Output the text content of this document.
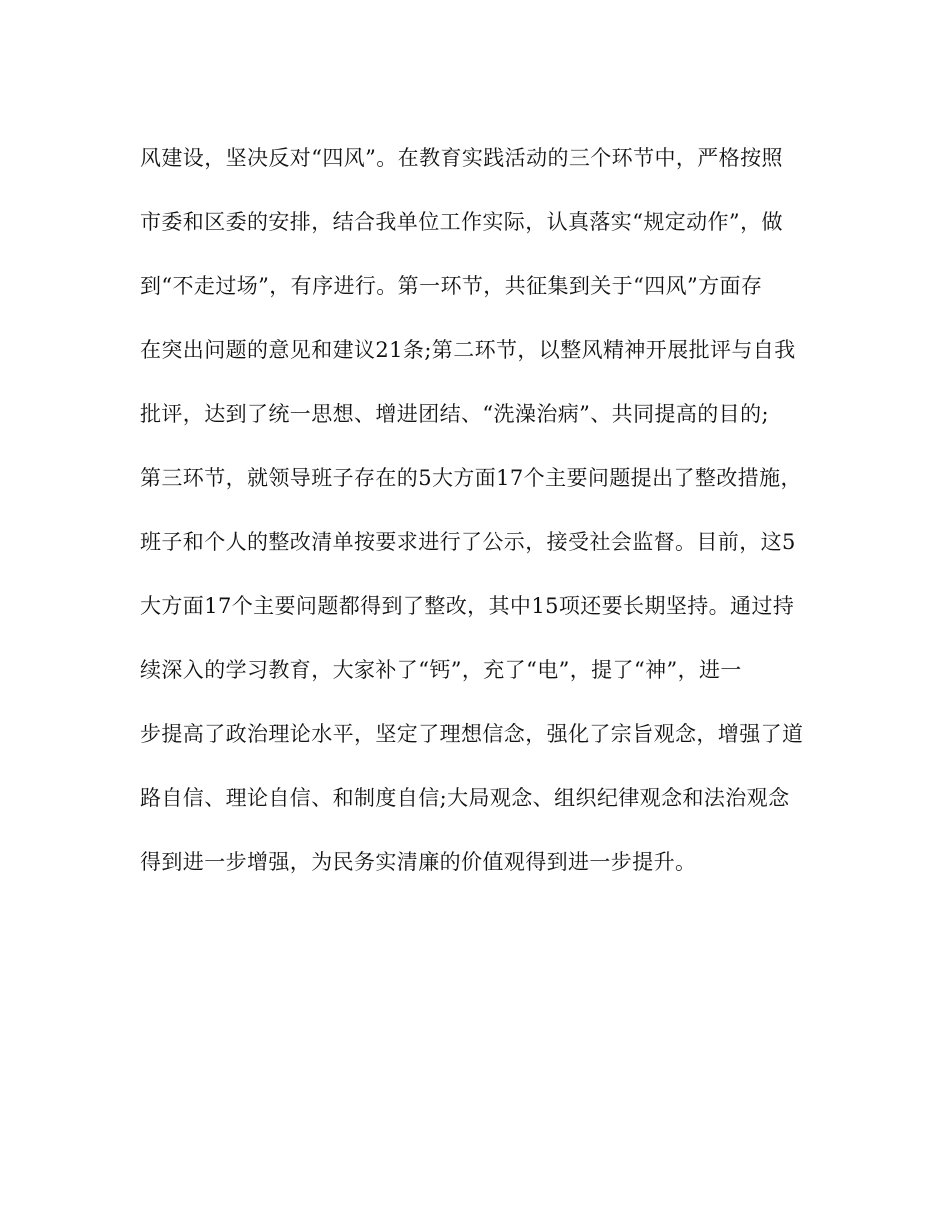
风建设，坚决反对“四风”。在教育实践活动的三个环节中，严格按照
市委和区委的安排，结合我单位工作实际，认真落实“规定动作”，做
到“不走过场”，有序进行。第一环节，共征集到关于“四风”方面存
在突出问题的意见和建议21条;第二环节，以整风精神开展批评与自我
批评，达到了统一思想、增进团结、“洗澡治病”、共同提高的目的;
第三环节，就领导班子存在的5大方面17个主要问题提出了整改措施，
班子和个人的整改清单按要求进行了公示，接受社会监督。目前，这5
大方面17个主要问题都得到了整改，其中15项还要长期坚持。通过持
续深入的学习教育，大家补了“钙”，充了“电”，提了“神”，进一
步提高了政治理论水平，坚定了理想信念，强化了宗旨观念，增强了道
路自信、理论自信、和制度自信;大局观念、组织纪律观念和法治观念
得到进一步增强，为民务实清廉的价值观得到进一步提升。
